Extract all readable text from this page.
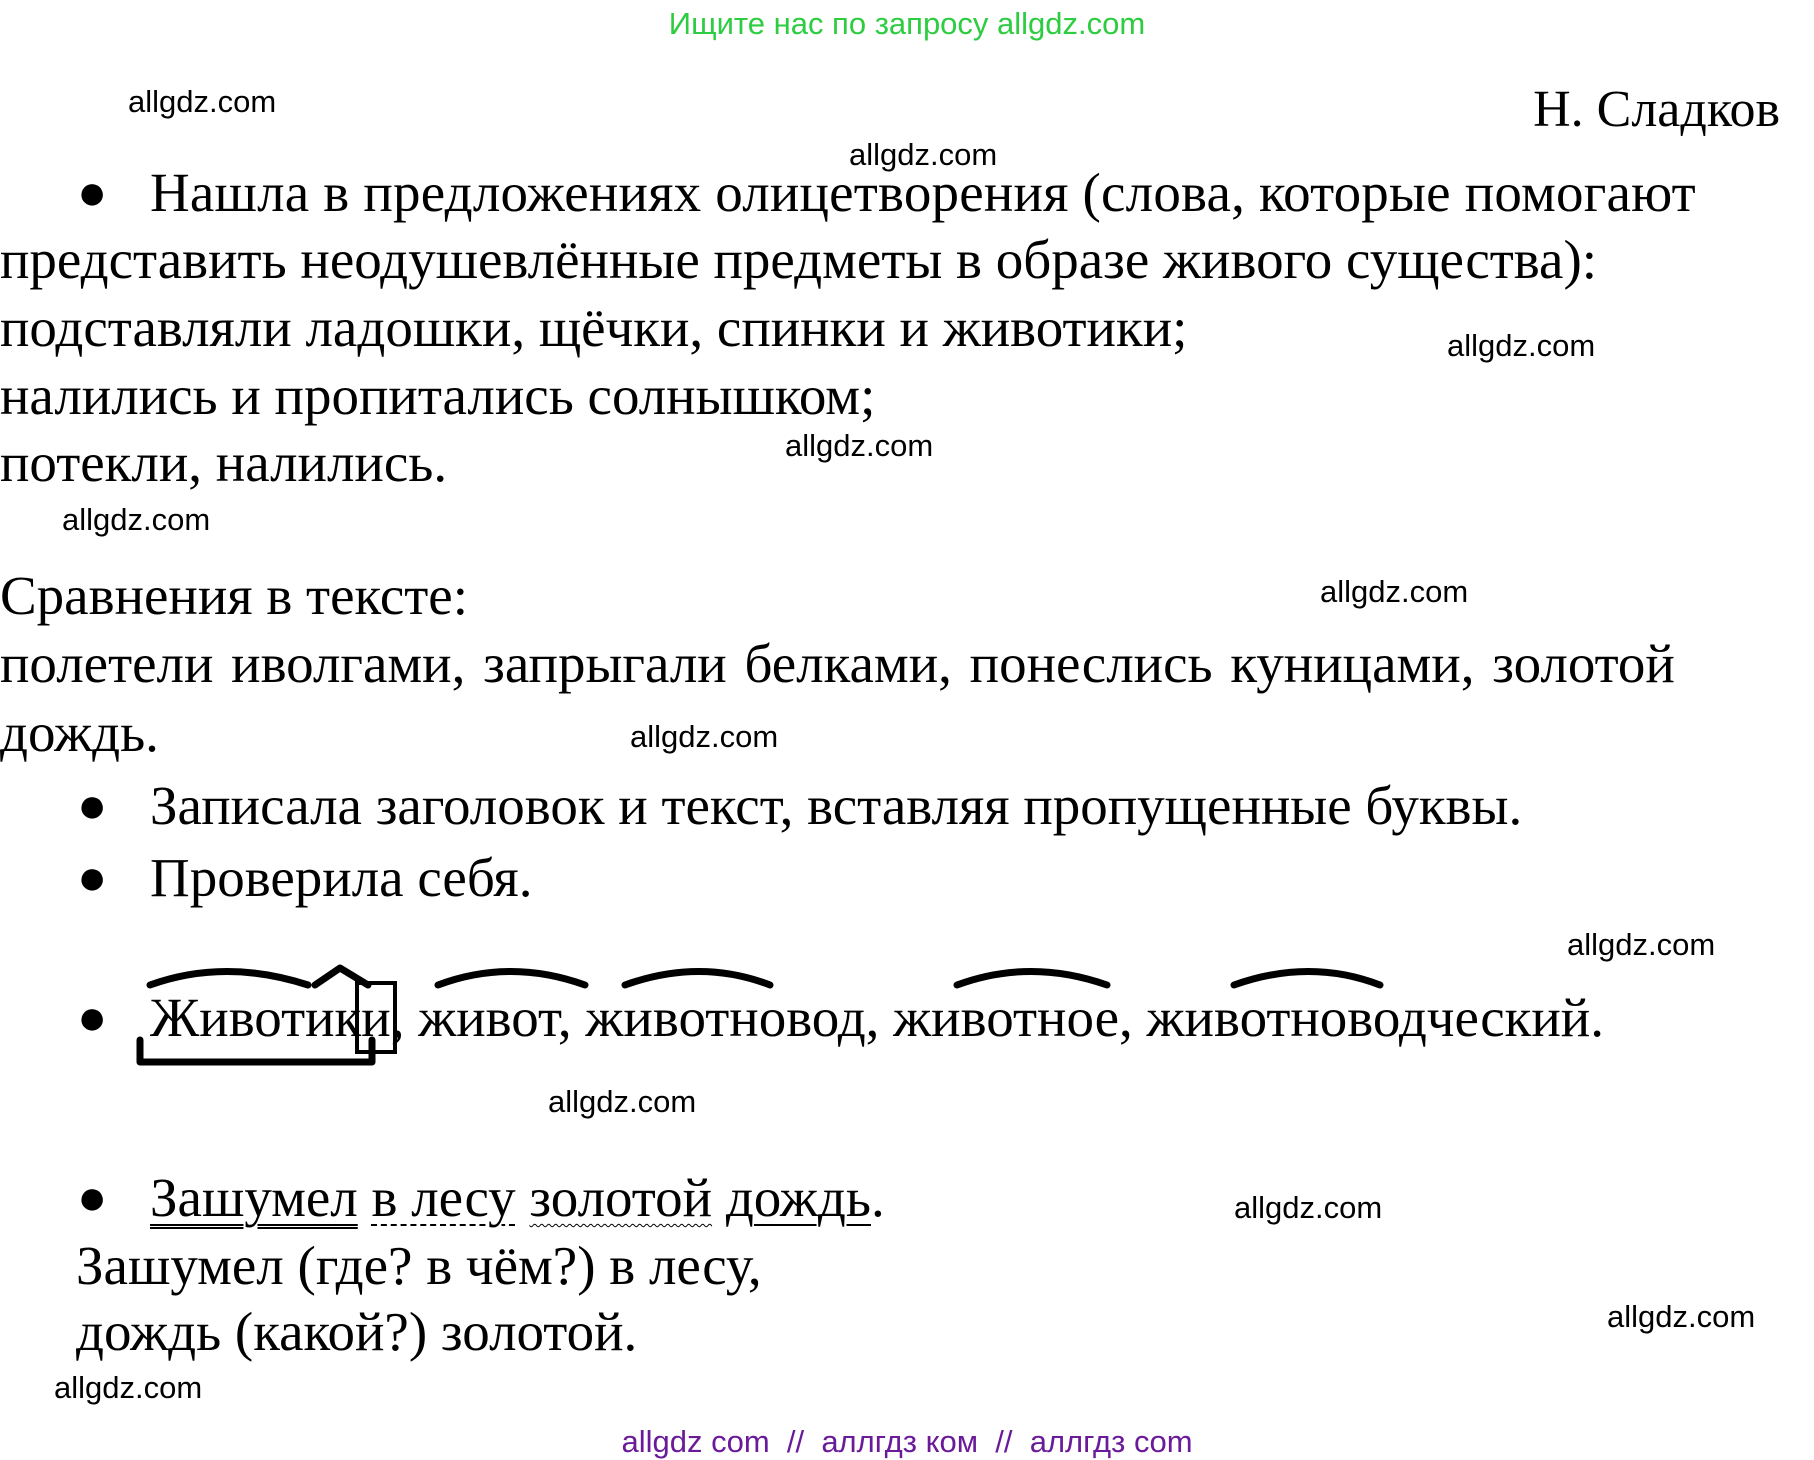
Ищите нас по запросу allgdz.com
Н. Сладков
allgdz.com
allgdz.com
allgdz.com
allgdz.com
allgdz.com
allgdz.com
allgdz.com
allgdz.com
allgdz.com
allgdz.com
allgdz.com
allgdz.com
● Нашла в предложениях олицетворения (слова, которые помогают
представить неодушевлённые предметы в образе живого существа):
подставляли ладошки, щёчки, спинки и животики;
налились и пропитались солнышком;
потекли, налились.
Сравнения в тексте:
полетели иволгами, запрыгали белками, понеслись куницами, золотой
дождь.
● Записала заголовок и текст, вставляя пропущенные буквы.
● Проверила себя.
● Животики, живот, животновод, животное, животноводческий.
● Зашумел в лесу золотой дождь.
Зашумел (где? в чём?) в лесу,
дождь (какой?) золотой.
allgdz com  //  аллгдз ком  //  аллгдз com
